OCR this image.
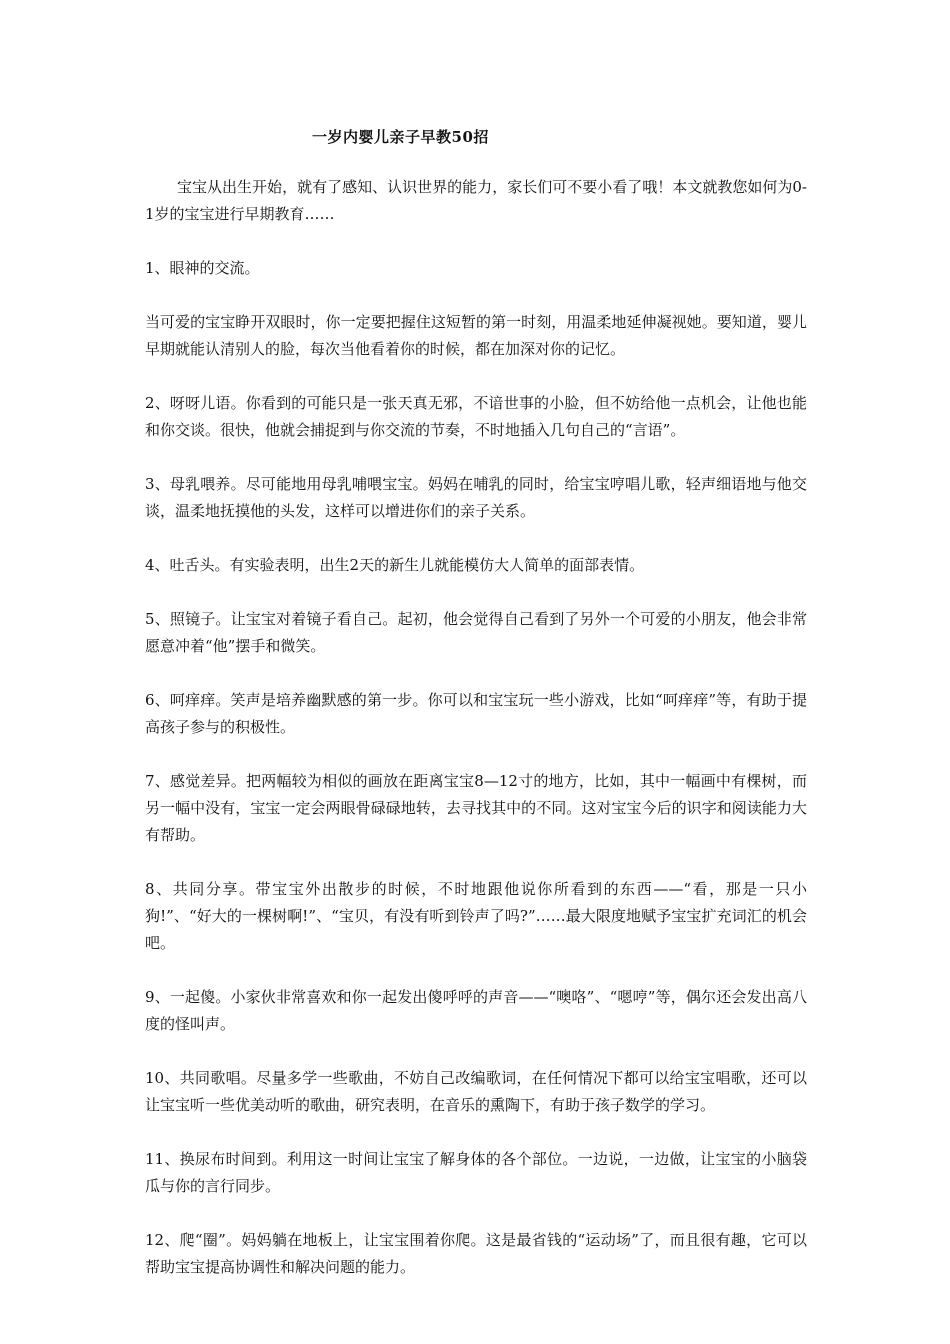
一岁内婴儿亲子早教50招

宝宝从出生开始，就有了感知、认识世界的能力，家长们可不要小看了哦！本文就教您如何为0-1岁的宝宝进行早期教育……

1、眼神的交流。

当可爱的宝宝睁开双眼时，你一定要把握住这短暂的第一时刻，用温柔地延伸凝视她。要知道，婴儿早期就能认清别人的脸，每次当他看着你的时候，都在加深对你的记忆。

2、呀呀儿语。你看到的可能只是一张天真无邪，不谙世事的小脸，但不妨给他一点机会，让他也能和你交谈。很快，他就会捕捉到与你交流的节奏，不时地插入几句自己的“言语”。

3、母乳喂养。尽可能地用母乳哺喂宝宝。妈妈在哺乳的同时，给宝宝哼唱儿歌，轻声细语地与他交谈，温柔地抚摸他的头发，这样可以增进你们的亲子关系。

4、吐舌头。有实验表明，出生2天的新生儿就能模仿大人简单的面部表情。

5、照镜子。让宝宝对着镜子看自己。起初，他会觉得自己看到了另外一个可爱的小朋友，他会非常愿意冲着“他”摆手和微笑。

6、呵痒痒。笑声是培养幽默感的第一步。你可以和宝宝玩一些小游戏，比如“呵痒痒”等，有助于提高孩子参与的积极性。

7、感觉差异。把两幅较为相似的画放在距离宝宝8—12寸的地方，比如，其中一幅画中有棵树，而另一幅中没有，宝宝一定会两眼骨碌碌地转，去寻找其中的不同。这对宝宝今后的识字和阅读能力大有帮助。

8、共同分享。带宝宝外出散步的时候，不时地跟他说你所看到的东西——“看，那是一只小狗!”、“好大的一棵树啊!”、“宝贝，有没有听到铃声了吗?”……最大限度地赋予宝宝扩充词汇的机会吧。

9、一起傻。小家伙非常喜欢和你一起发出傻呼呼的声音——“噢咯”、“嗯哼”等，偶尔还会发出高八度的怪叫声。

10、共同歌唱。尽量多学一些歌曲，不妨自己改编歌词，在任何情况下都可以给宝宝唱歌，还可以让宝宝听一些优美动听的歌曲，研究表明，在音乐的熏陶下，有助于孩子数学的学习。

11、换尿布时间到。利用这一时间让宝宝了解身体的各个部位。一边说，一边做，让宝宝的小脑袋瓜与你的言行同步。

12、爬“圈”。妈妈躺在地板上，让宝宝围着你爬。这是最省钱的“运动场”了，而且很有趣，它可以帮助宝宝提高协调性和解决问题的能力。
